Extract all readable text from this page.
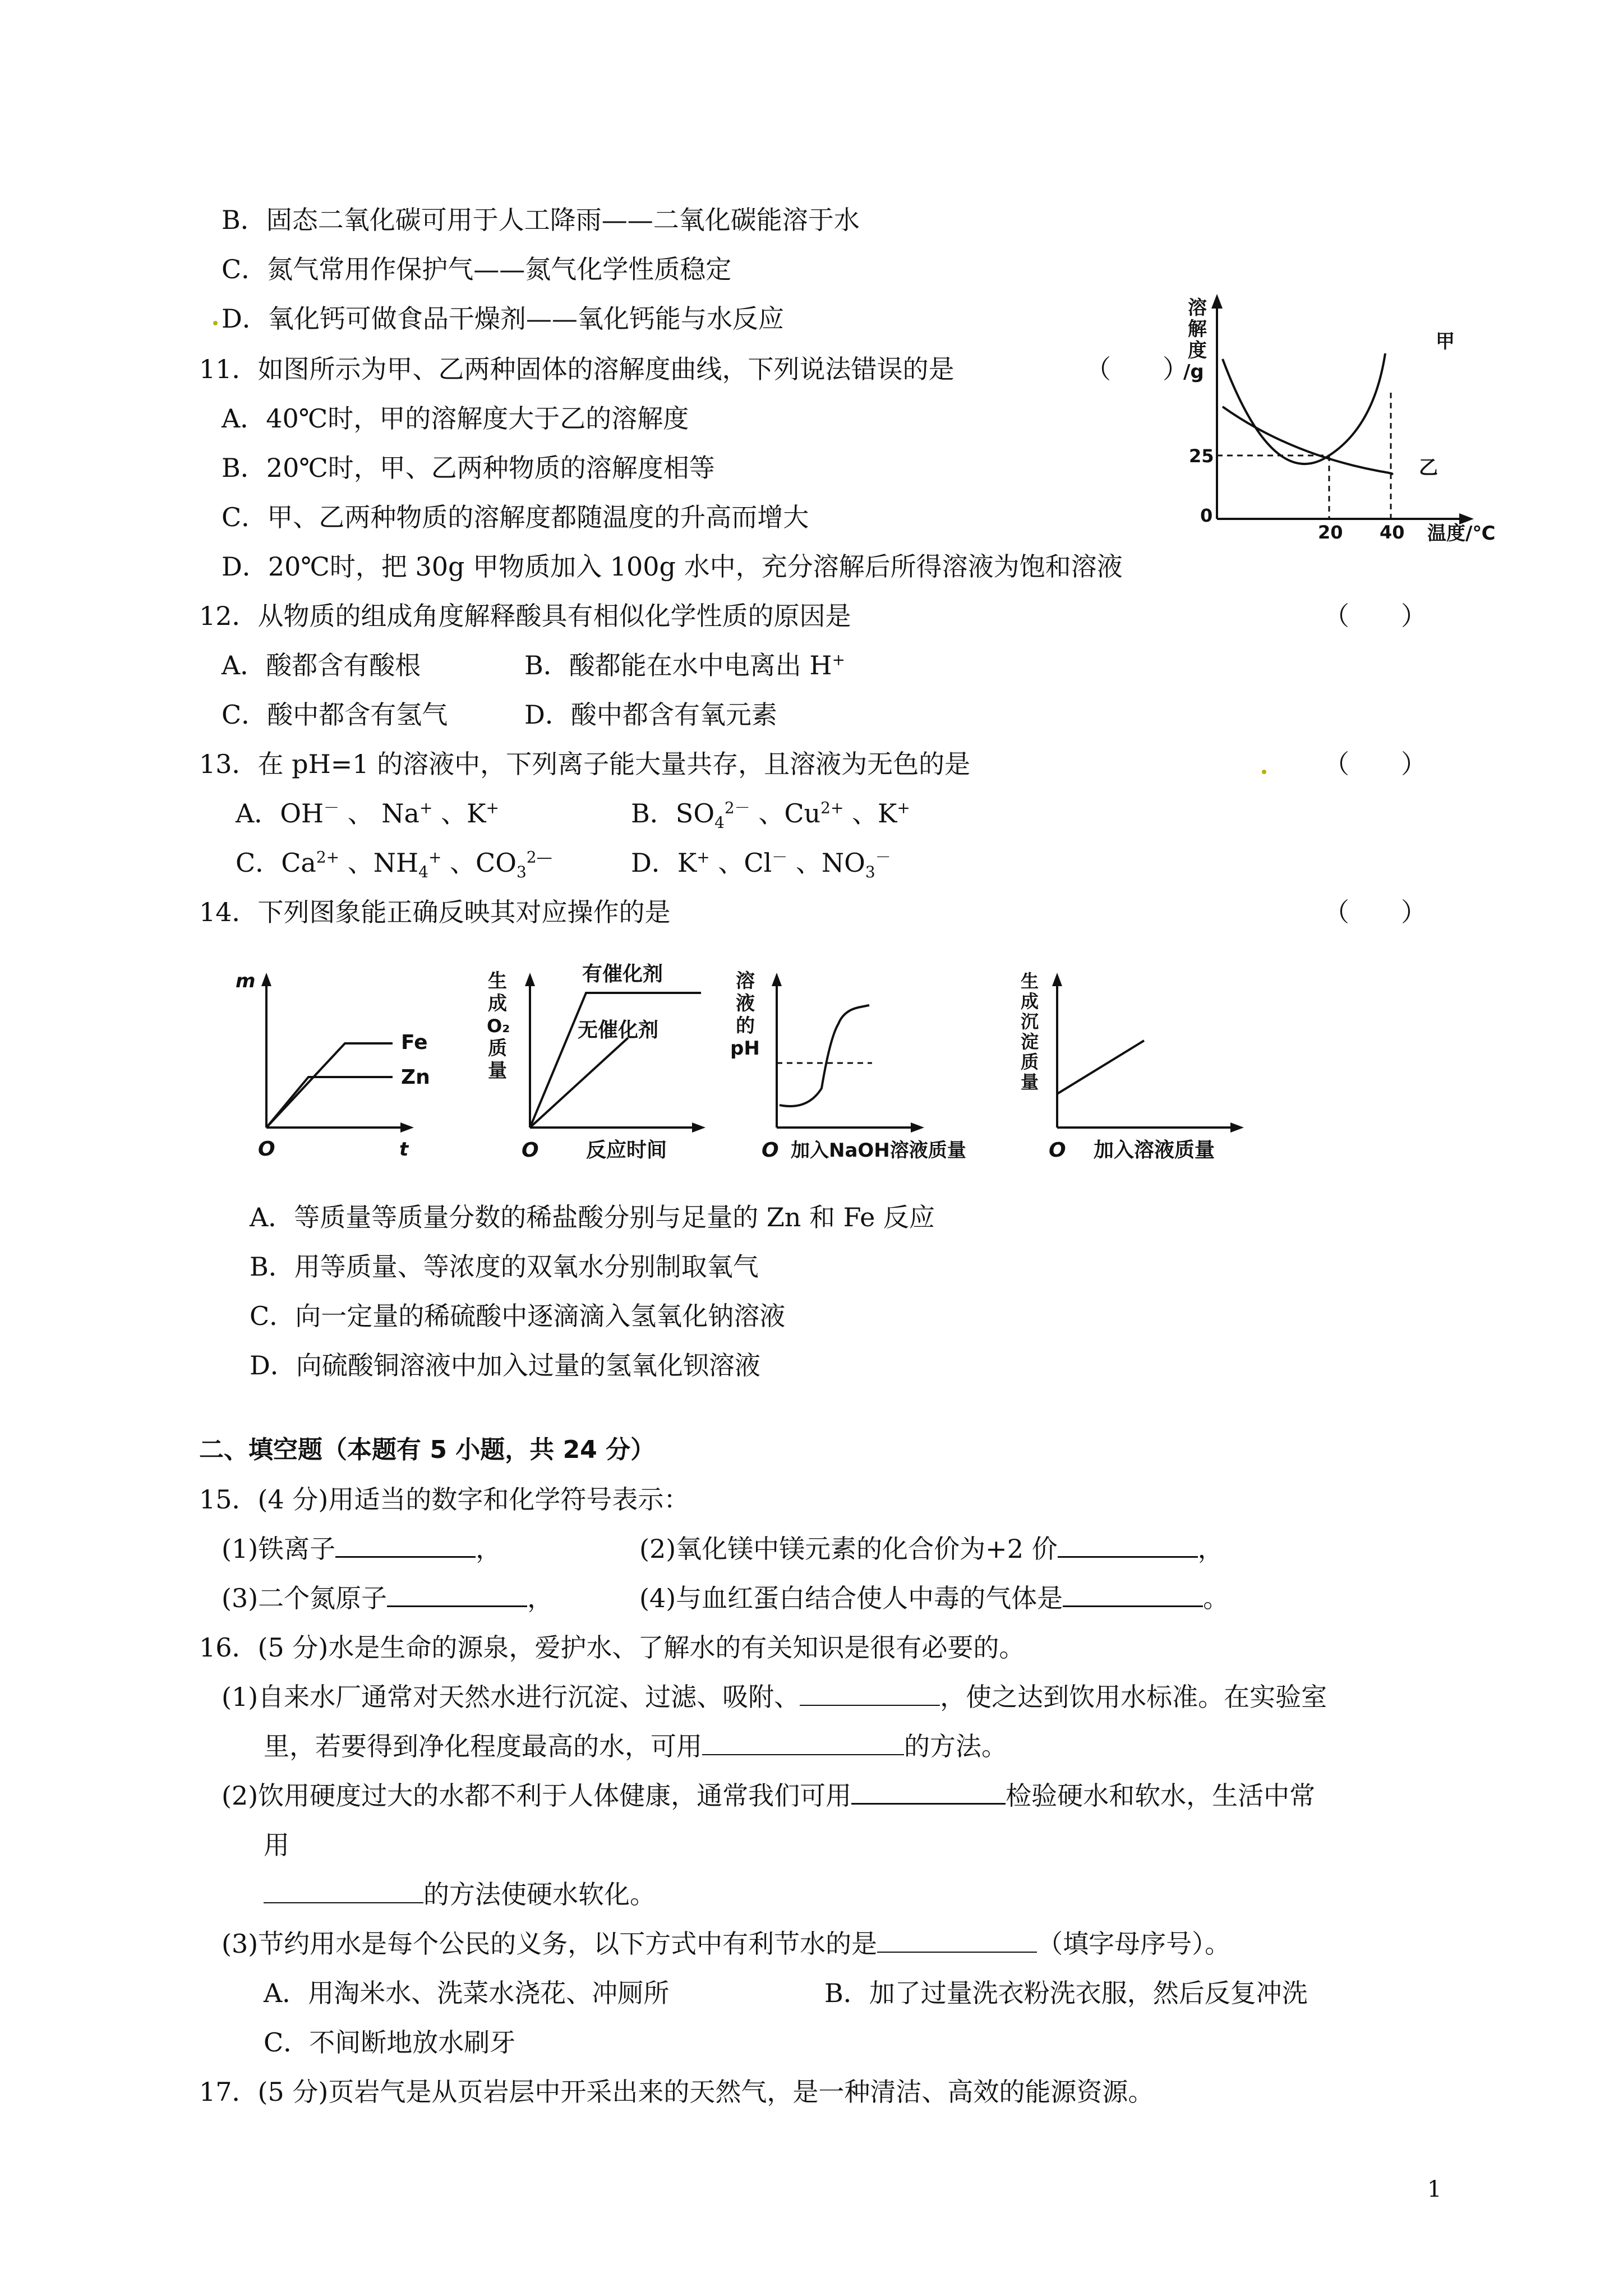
B．固态二氧化碳可用于人工降雨——二氧化碳能溶于水
C．氮气常用作保护气——氮气化学性质稳定
D．氧化钙可做食品干燥剂——氧化钙能与水反应
11．如图所示为甲、乙两种固体的溶解度曲线，下列说法错误的是	（　　）
A．40℃时，甲的溶解度大于乙的溶解度
B．20℃时，甲、乙两种物质的溶解度相等
C．甲、乙两种物质的溶解度都随温度的升高而增大
D．20℃时，把 30g 甲物质加入 100g 水中，充分溶解后所得溶液为饱和溶液
溶
解
度
/g
甲
乙
25
0
20 40 温度/℃
12．从物质的组成角度解释酸具有相似化学性质的原因是	（　　）
A．酸都含有酸根	B．酸都能在水中电离出 H+
C．酸中都含有氢气	D．酸中都含有氧元素
13．在 pH=1 的溶液中，下列离子能大量共存，且溶液为无色的是	（　　）
A．OH－ 、 Na+ 、K+	B．$SO_4^{2-}$ 、$Cu^{2+}$ 、K+
C．$Ca^{2+}$ 、$NH_4^+$ 、$CO_3^{2—}$	D．K+ 、Cl－ 、$NO_3^-$
14．下列图象能正确反映其对应操作的是	（　　）
m
Fe
Zn
O	t
生
成
O₂
质
量
有催化剂
无催化剂
O 反应时间
溶
液
的
pH
O 加入NaOH溶液质量
生
成
沉
淀
质
量
O 加入溶液质量
A．等质量等质量分数的稀盐酸分别与足量的 Zn 和 Fe 反应
B．用等质量、等浓度的双氧水分别制取氧气
C．向一定量的稀硫酸中逐滴滴入氢氧化钠溶液
D．向硫酸铜溶液中加入过量的氢氧化钡溶液
二、填空题（本题有 5 小题，共 24 分）
15．(4 分)用适当的数字和化学符号表示：
(1)铁离子	，	(2)氧化镁中镁元素的化合价为+2 价	，
(3)二个氮原子	，	(4)与血红蛋白结合使人中毒的气体是	。
16．(5 分)水是生命的源泉，爱护水、了解水的有关知识是很有必要的。
(1)自来水厂通常对天然水进行沉淀、过滤、吸附、	，使之达到饮用水标准。在实验室
里，若要得到净化程度最高的水，可用	的方法。
(2)饮用硬度过大的水都不利于人体健康，通常我们可用	检验硬水和软水，生活中常
用
的方法使硬水软化。
(3)节约用水是每个公民的义务，以下方式中有利节水的是	（填字母序号）。
A．用淘米水、洗菜水浇花、冲厕所	B．加了过量洗衣粉洗衣服，然后反复冲洗
C．不间断地放水刷牙
17．(5 分)页岩气是从页岩层中开采出来的天然气，是一种清洁、高效的能源资源。
1
